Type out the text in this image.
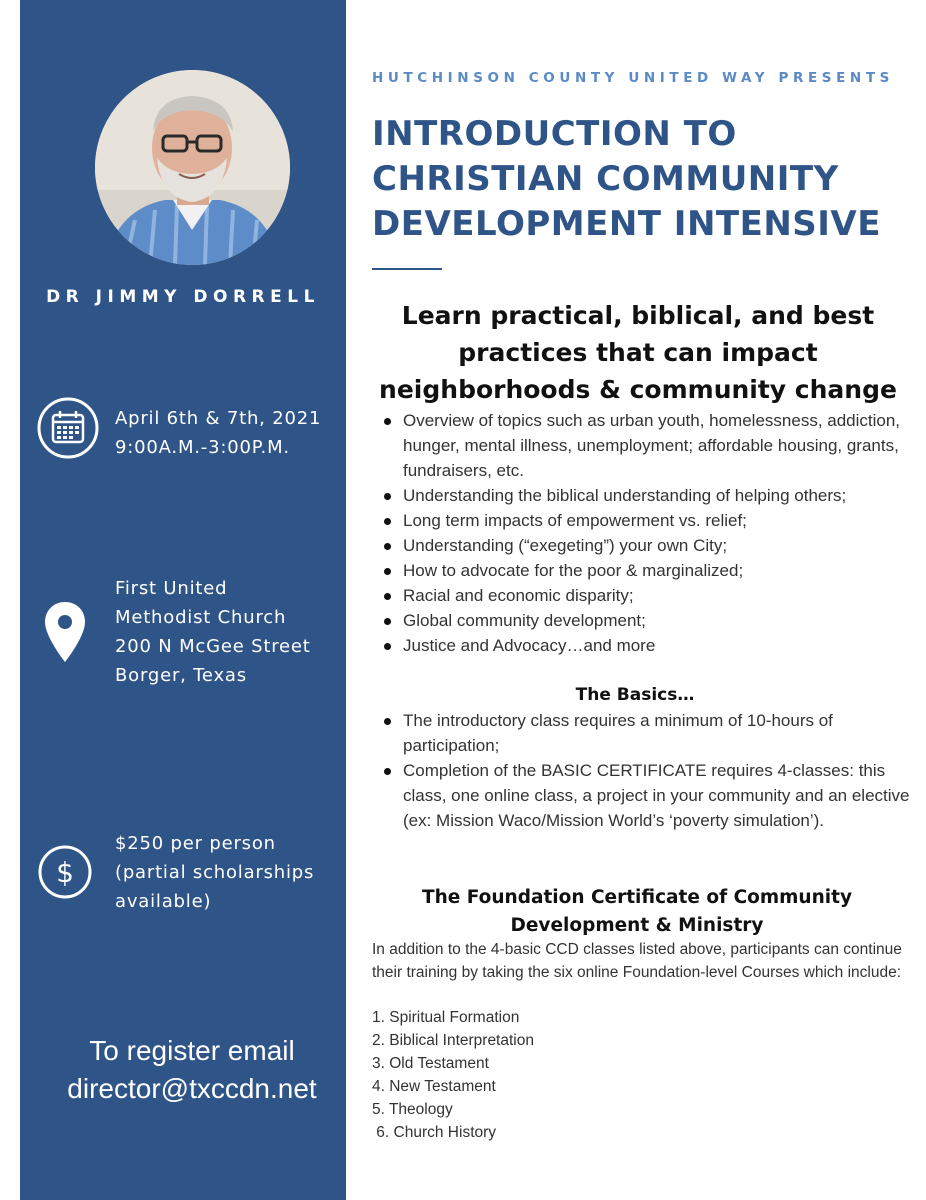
DR JIMMY DORRELL
April 6th & 7th, 2021
9:00A.M.-3:00P.M.
First United
Methodist Church
200 N McGee Street
Borger, Texas
$
$250 per person
(partial scholarships
available)
To register email
director@txccdn.net
HUTCHINSON COUNTY UNITED WAY PRESENTS
INTRODUCTION TO
CHRISTIAN COMMUNITY
DEVELOPMENT INTENSIVE
Learn practical, biblical, and best
practices that can impact
neighborhoods & community change
Overview of topics such as urban youth, homelessness, addiction, hunger, mental illness, unemployment; affordable housing, grants, fundraisers, etc.
Understanding the biblical understanding of helping others;
Long term impacts of empowerment vs. relief;
Understanding (“exegeting”) your own City;
How to advocate for the poor & marginalized;
Racial and economic disparity;
Global community development;
Justice and Advocacy…and more
The Basics…
The introductory class requires a minimum of 10-hours of participation;
Completion of the BASIC CERTIFICATE requires 4-classes: this class, one online class, a project in your community and an elective (ex: Mission Waco/Mission World’s ‘poverty simulation’).
The Foundation Certificate of Community
Development & Ministry
In addition to the 4-basic CCD classes listed above, participants can continue their training by taking the six online Foundation-level Courses which include:
1. Spiritual Formation
2. Biblical Interpretation
3. Old Testament
4. New Testament
5. Theology
6. Church History
